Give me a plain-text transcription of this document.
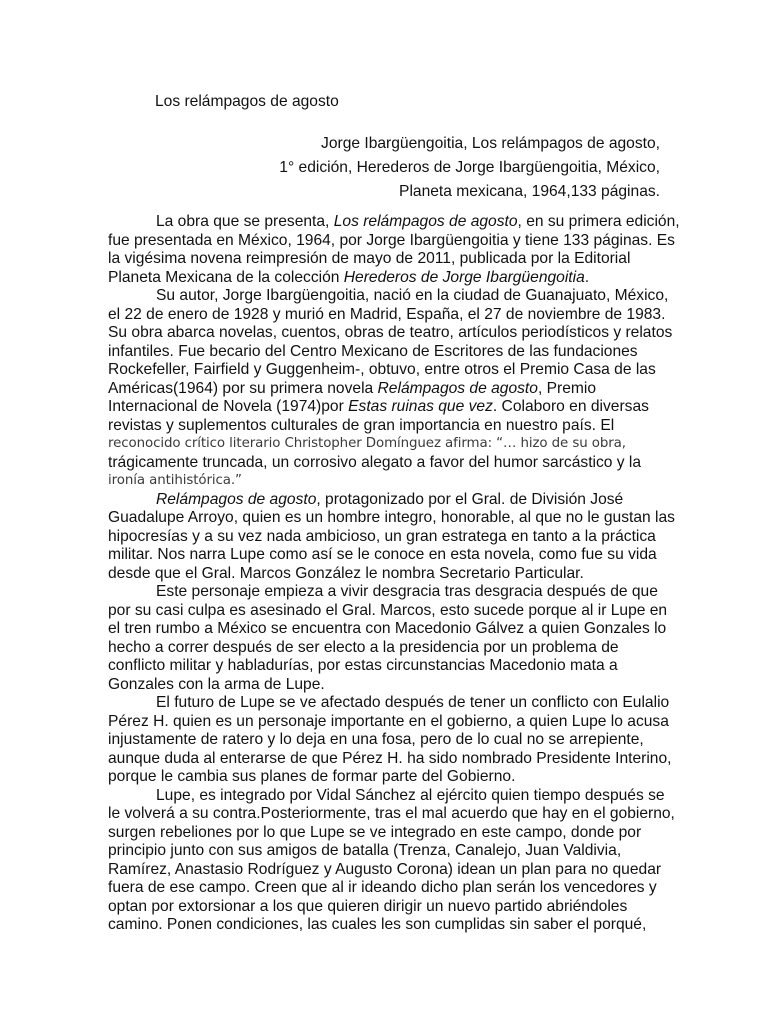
Los relámpagos de agosto
Jorge Ibargüengoitia, Los relámpagos de agosto,
1° edición, Herederos de Jorge Ibargüengoitia, México,
Planeta mexicana, 1964,133 páginas.
La obra que se presenta, Los relámpagos de agosto, en su primera edición,
fue presentada en México, 1964, por Jorge Ibargüengoitia y tiene 133 páginas. Es
la vigésima novena reimpresión de mayo de 2011, publicada por la Editorial
Planeta Mexicana de la colección Herederos de Jorge Ibargüengoitia.
Su autor, Jorge Ibargüengoitia, nació en la ciudad de Guanajuato, México,
el 22 de enero de 1928 y murió en Madrid, España, el 27 de noviembre de 1983.
Su obra abarca novelas, cuentos, obras de teatro, artículos periodísticos y relatos
infantiles. Fue becario del Centro Mexicano de Escritores de las fundaciones
Rockefeller, Fairfield y Guggenheim-, obtuvo, entre otros el Premio Casa de las
Américas(1964) por su primera novela Relámpagos de agosto, Premio
Internacional de Novela (1974)por Estas ruinas que vez. Colaboro en diversas
revistas y suplementos culturales de gran importancia en nuestro país. El
reconocido crítico literario Christopher Domínguez afirma: “… hizo de su obra,
trágicamente truncada, un corrosivo alegato a favor del humor sarcástico y la
ironía antihistórica.”
Relámpagos de agosto, protagonizado por el Gral. de División José
Guadalupe Arroyo, quien es un hombre integro, honorable, al que no le gustan las
hipocresías y a su vez nada ambicioso, un gran estratega en tanto a la práctica
militar. Nos narra Lupe como así se le conoce en esta novela, como fue su vida
desde que el Gral. Marcos González le nombra Secretario Particular.
Este personaje empieza a vivir desgracia tras desgracia después de que
por su casi culpa es asesinado el Gral. Marcos, esto sucede porque al ir Lupe en
el tren rumbo a México se encuentra con Macedonio Gálvez a quien Gonzales lo
hecho a correr después de ser electo a la presidencia por un problema de
conflicto militar y habladurías, por estas circunstancias Macedonio mata a
Gonzales con la arma de Lupe.
El futuro de Lupe se ve afectado después de tener un conflicto con Eulalio
Pérez H. quien es un personaje importante en el gobierno, a quien Lupe lo acusa
injustamente de ratero y lo deja en una fosa, pero de lo cual no se arrepiente,
aunque duda al enterarse de que Pérez H. ha sido nombrado Presidente Interino,
porque le cambia sus planes de formar parte del Gobierno.
Lupe, es integrado por Vidal Sánchez al ejército quien tiempo después se
le volverá a su contra.Posteriormente, tras el mal acuerdo que hay en el gobierno,
surgen rebeliones por lo que Lupe se ve integrado en este campo, donde por
principio junto con sus amigos de batalla (Trenza, Canalejo, Juan Valdivia,
Ramírez, Anastasio Rodríguez y Augusto Corona) idean un plan para no quedar
fuera de ese campo. Creen que al ir ideando dicho plan serán los vencedores y
optan por extorsionar a los que quieren dirigir un nuevo partido abriéndoles
camino. Ponen condiciones, las cuales les son cumplidas sin saber el porqué,
